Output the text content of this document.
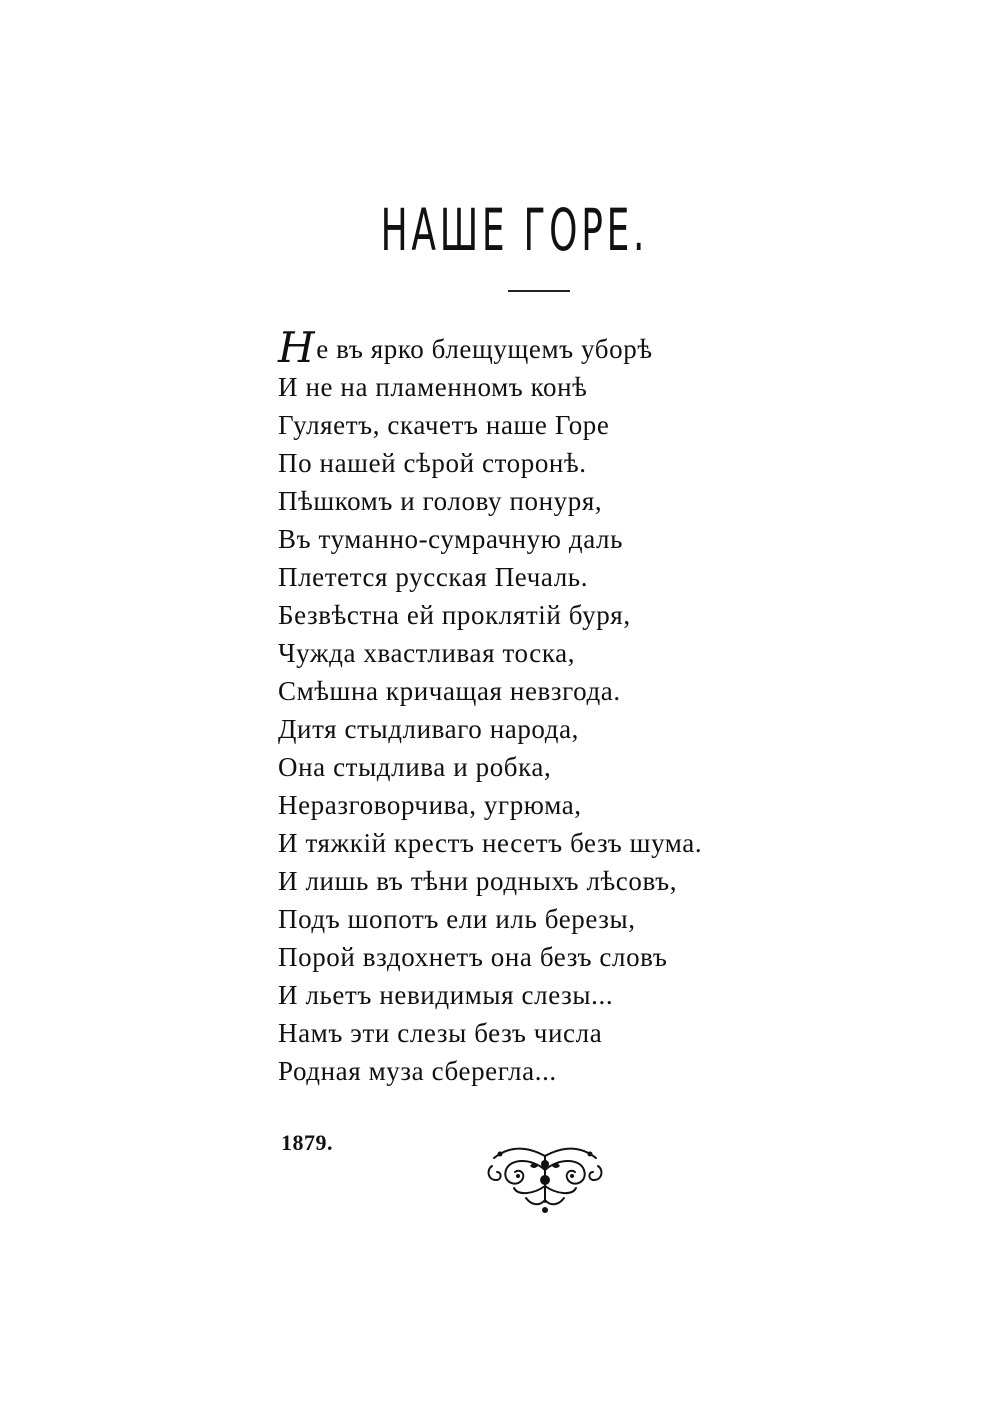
НАШЕ ГОРЕ.
Не въ ярко блещущемъ уборѣ
И не на пламенномъ конѣ
Гуляетъ, скачетъ наше Горе
По нашей сѣрой сторонѣ.
Пѣшкомъ и голову понуря,
Въ туманно-сумрачную даль
Плетется русская Печаль.
Безвѣстна ей проклятій буря,
Чужда хвастливая тоска,
Смѣшна кричащая невзгода.
Дитя стыдливаго народа,
Она стыдлива и робка,
Неразговорчива, угрюма,
И тяжкій крестъ несетъ безъ шума.
И лишь въ тѣни родныхъ лѣсовъ,
Подъ шопотъ ели иль березы,
Порой вздохнетъ она безъ словъ
И льетъ невидимыя слезы...
Намъ эти слезы безъ числа
Родная муза сберегла...
1879.
